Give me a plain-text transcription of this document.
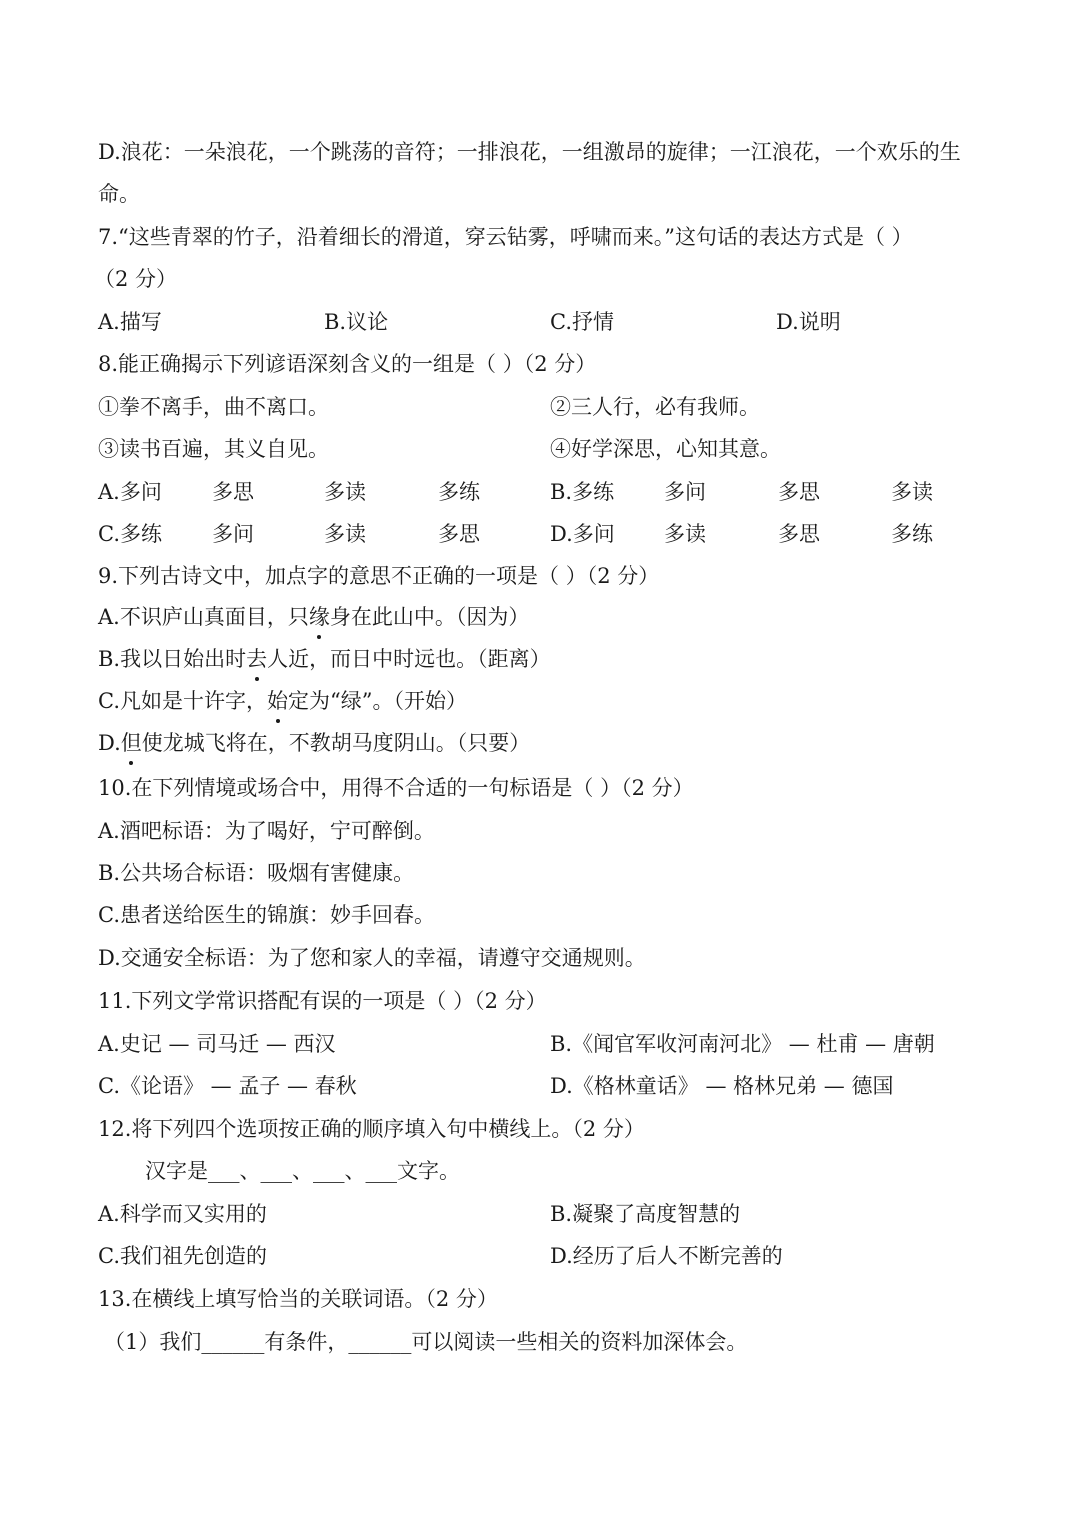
D.浪花：一朵浪花，一个跳荡的音符；一排浪花，一组激昂的旋律；一江浪花，一个欢乐的生
命。
7.“这些青翠的竹子，沿着细长的滑道，穿云钻雾，呼啸而来。”这句话的表达方式是（ ）
（2 分）
A.描写	B.议论	C.抒情	D.说明
8.能正确揭示下列谚语深刻含义的一组是（ ）（2 分）
①拳不离手，曲不离口。	②三人行，必有我师。
③读书百遍，其义自见。	④好学深思，心知其意。
A.多问 多思	多读	多练	B.多练 多问	多思	多读
C.多练 多问	多读	多思	D.多问 多读	多思	多练
9.下列古诗文中，加点字的意思不正确的一项是（ ）（2 分）
A.不识庐山真面目，只缘身在此山中。（因为）
B.我以日始出时去人近，而日中时远也。（距离）
C.凡如是十许字，始定为“绿”。（开始）
D.但使龙城飞将在，不教胡马度阴山。（只要）
10.在下列情境或场合中，用得不合适的一句标语是（ ）（2 分）
A.酒吧标语：为了喝好，宁可醉倒。
B.公共场合标语：吸烟有害健康。
C.患者送给医生的锦旗：妙手回春。
D.交通安全标语：为了您和家人的幸福，请遵守交通规则。
11.下列文学常识搭配有误的一项是（ ）（2 分）
A.史记 — 司马迁 — 西汉	B.《闻官军收河南河北》 — 杜甫 — 唐朝
C.《论语》 — 孟子 — 春秋	D.《格林童话》 — 格林兄弟 — 德国
12.将下列四个选项按正确的顺序填入句中横线上。（2 分）
汉字是___、___、___、___文字。
A.科学而又实用的	B.凝聚了高度智慧的
C.我们祖先创造的	D.经历了后人不断完善的
13.在横线上填写恰当的关联词语。（2 分）
（1）我们______有条件，______可以阅读一些相关的资料加深体会。
